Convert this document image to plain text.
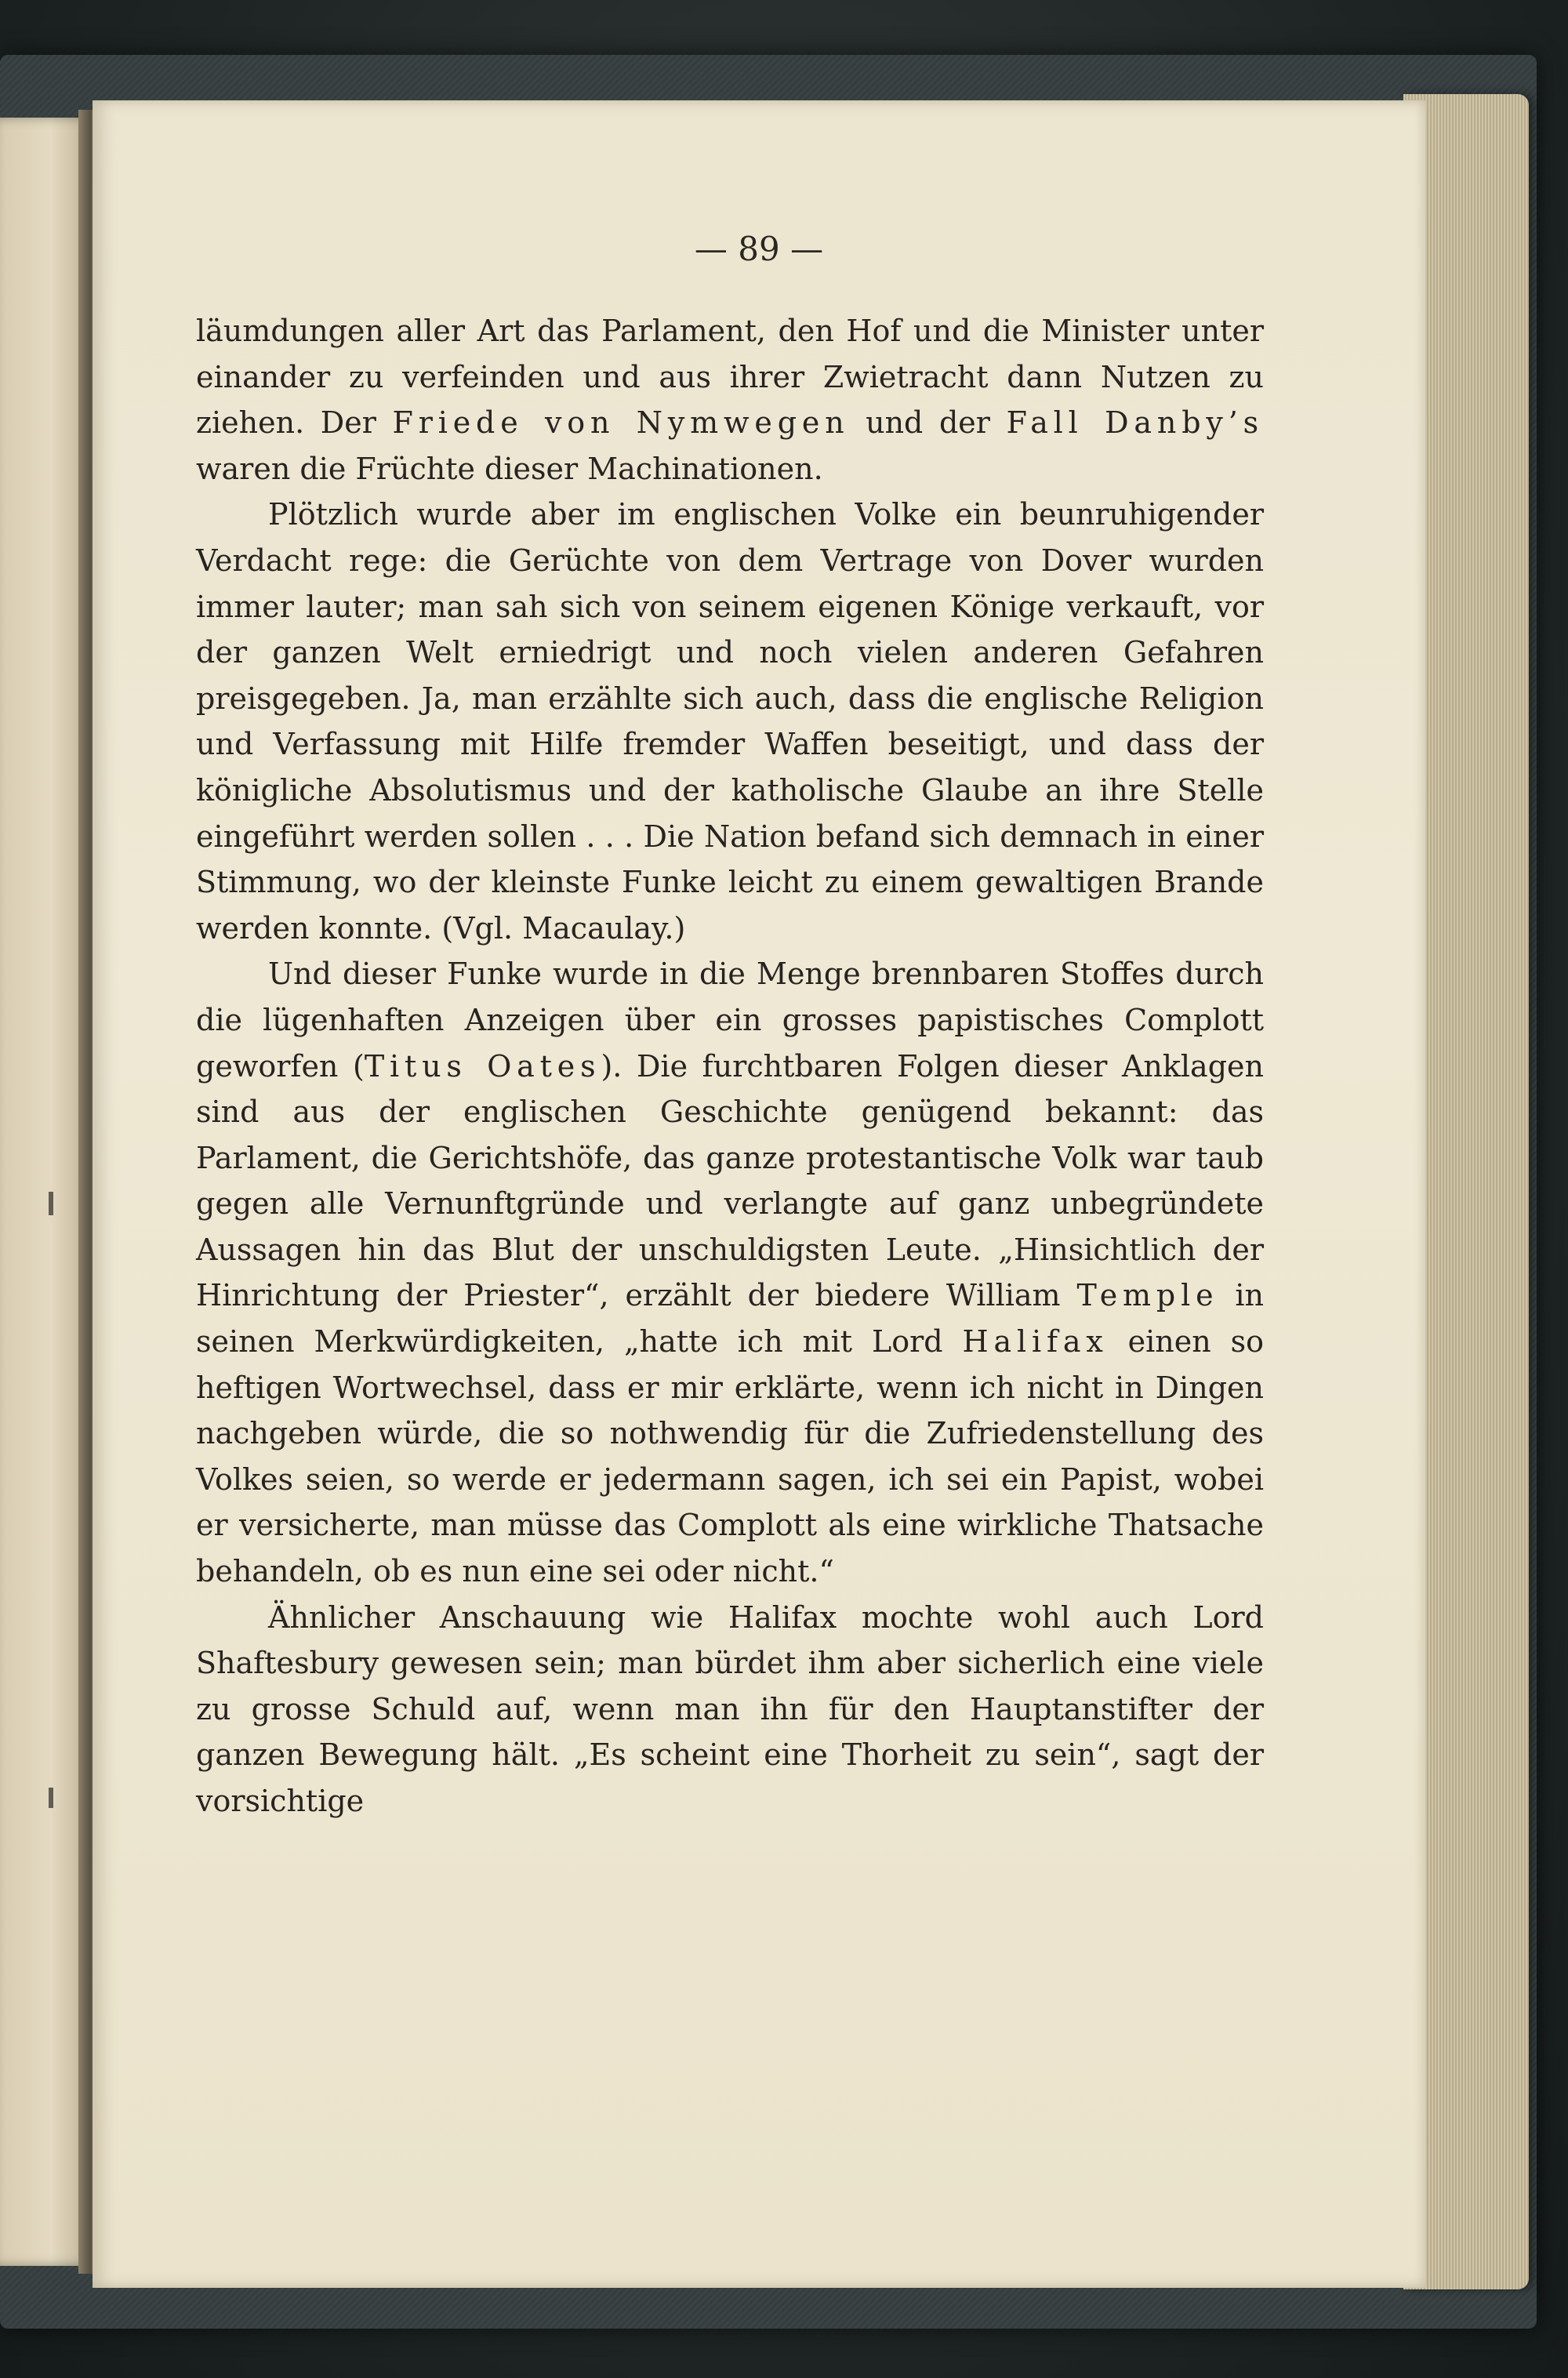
— 89 —

läumdungen aller Art das Parlament, den Hof und die Minister unter einander zu verfeinden und aus ihrer Zwietracht dann Nutzen zu ziehen. Der Friede von Nymwegen und der Fall Danby’s waren die Früchte dieser Machinationen.

Plötzlich wurde aber im englischen Volke ein beunruhigender Verdacht rege: die Gerüchte von dem Vertrage von Dover wurden immer lauter; man sah sich von seinem eigenen Könige verkauft, vor der ganzen Welt erniedrigt und noch vielen anderen Gefahren preisgegeben. Ja, man erzählte sich auch, dass die englische Religion und Verfassung mit Hilfe fremder Waffen beseitigt, und dass der königliche Absolutismus und der katholische Glaube an ihre Stelle eingeführt werden sollen . . . Die Nation befand sich demnach in einer Stimmung, wo der kleinste Funke leicht zu einem gewaltigen Brande werden konnte. (Vgl. Macaulay.)

Und dieser Funke wurde in die Menge brennbaren Stoffes durch die lügenhaften Anzeigen über ein grosses papistisches Complott geworfen (Titus Oates). Die furchtbaren Folgen dieser Anklagen sind aus der englischen Geschichte genügend bekannt: das Parlament, die Gerichtshöfe, das ganze protestantische Volk war taub gegen alle Vernunftgründe und verlangte auf ganz unbegründete Aussagen hin das Blut der unschuldigsten Leute. „Hinsichtlich der Hinrichtung der Priester“, erzählt der biedere William Temple in seinen Merkwürdigkeiten, „hatte ich mit Lord Halifax einen so heftigen Wortwechsel, dass er mir erklärte, wenn ich nicht in Dingen nachgeben würde, die so nothwendig für die Zufriedenstellung des Volkes seien, so werde er jedermann sagen, ich sei ein Papist, wobei er versicherte, man müsse das Complott als eine wirkliche Thatsache behandeln, ob es nun eine sei oder nicht.“

Ähnlicher Anschauung wie Halifax mochte wohl auch Lord Shaftesbury gewesen sein; man bürdet ihm aber sicherlich eine viele zu grosse Schuld auf, wenn man ihn für den Hauptanstifter der ganzen Bewegung hält. „Es scheint eine Thorheit zu sein“, sagt der vorsichtige
